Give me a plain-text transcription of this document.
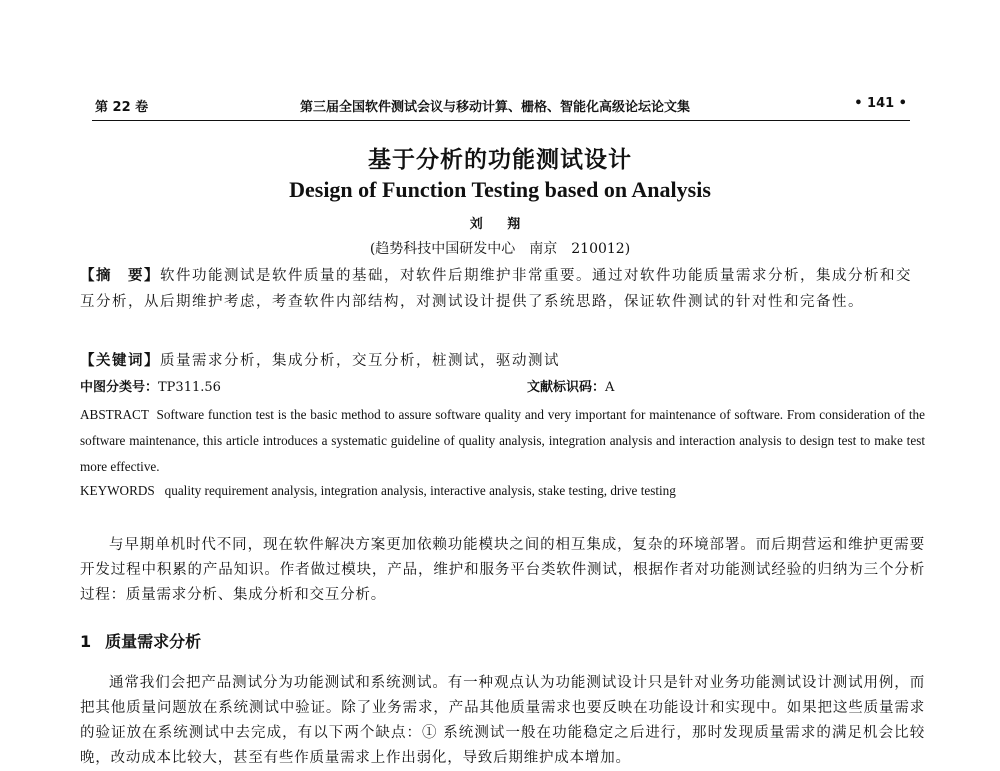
第 22 卷	第三届全国软件测试会议与移动计算、栅格、智能化高级论坛论文集	• 141 •
基于分析的功能测试设计
Design of Function Testing based on Analysis
刘 翔
(趋势科技中国研发中心　南京　210012)
【摘　要】软件功能测试是软件质量的基础，对软件后期维护非常重要。通过对软件功能质量需求分析，集成分析和交互分析，从后期维护考虑，考查软件内部结构，对测试设计提供了系统思路，保证软件测试的针对性和完备性。
【关键词】质量需求分析，集成分析，交互分析，桩测试，驱动测试
中图分类号：TP311.56	文献标识码：A
ABSTRACT Software function test is the basic method to assure software quality and very important for maintenance of software. From consideration of the software maintenance, this article introduces a systematic guideline of quality analysis, integration analysis and interaction analysis to design test to make test more effective.
KEYWORDS quality requirement analysis, integration analysis, interactive analysis, stake testing, drive testing
与早期单机时代不同，现在软件解决方案更加依赖功能模块之间的相互集成，复杂的环境部署。而后期营运和维护更需要开发过程中积累的产品知识。作者做过模块，产品，维护和服务平台类软件测试，根据作者对功能测试经验的归纳为三个分析过程：质量需求分析、集成分析和交互分析。
1 质量需求分析
通常我们会把产品测试分为功能测试和系统测试。有一种观点认为功能测试设计只是针对业务功能测试设计测试用例，而把其他质量问题放在系统测试中验证。除了业务需求，产品其他质量需求也要反映在功能设计和实现中。如果把这些质量需求的验证放在系统测试中去完成，有以下两个缺点：① 系统测试一般在功能稳定之后进行，那时发现质量需求的满足机会比较晚，改动成本比较大，甚至有些作质量需求上作出弱化，导致后期维护成本增加。
